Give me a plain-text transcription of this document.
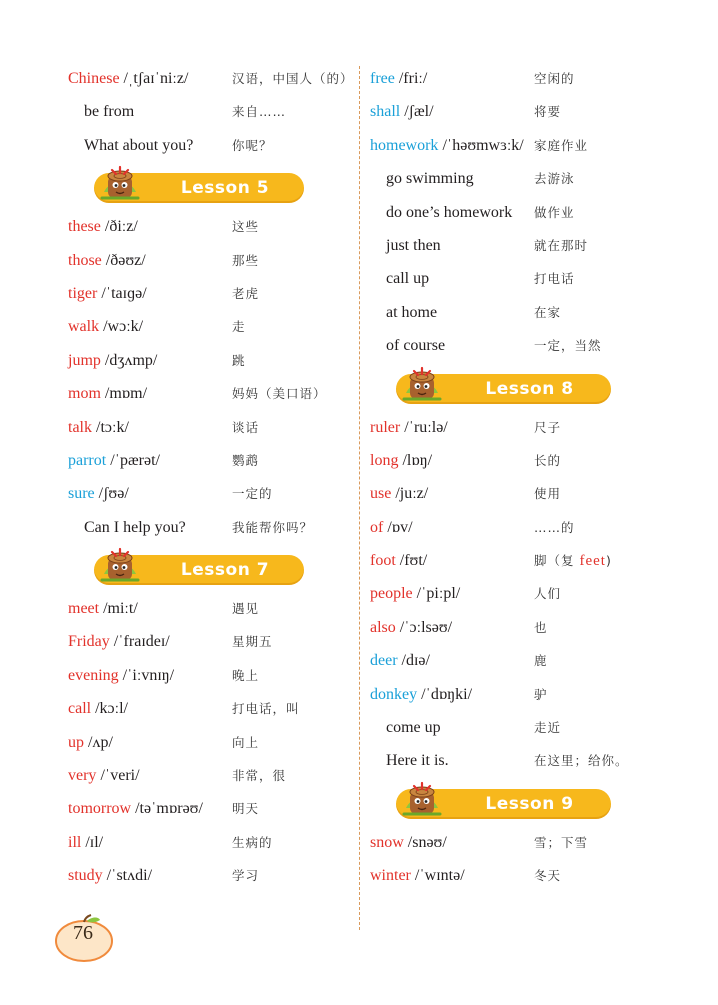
Chinese /ˌtʃaɪˈniːz/	汉语，中国人（的）
be from	来自……
What about you?	你呢？
Lesson 5
these /ðiːz/	这些
those /ðəʊz/	那些
tiger /ˈtaɪɡə/	老虎
walk /wɔːk/	走
jump /dʒʌmp/	跳
mom /mɒm/	妈妈（美口语）
talk /tɔːk/	谈话
parrot /ˈpærət/	鹦鹉
sure /ʃʊə/	一定的
Can I help you?	我能帮你吗？
Lesson 7
meet /miːt/	遇见
Friday /ˈfraɪdeɪ/	星期五
evening /ˈiːvnɪŋ/	晚上
call /kɔːl/	打电话，叫
up /ʌp/	向上
very /ˈveri/	非常，很
tomorrow /təˈmɒrəʊ/ 明天
ill /ɪl/	生病的
study /ˈstʌdi/	学习
free /friː/	空闲的
shall /ʃæl/	将要
homework /ˈhəʊmwɜːk/ 家庭作业
go swimming	去游泳
do one’s homework 做作业
just then	就在那时
call up	打电话
at home	在家
of course	一定，当然
Lesson 8
ruler /ˈruːlə/	尺子
long /lɒŋ/	长的
use /juːz/	使用
of /ɒv/	……的
foot /fʊt/	脚（复 feet)
people /ˈpiːpl/	人们
also /ˈɔːlsəʊ/	也
deer /dɪə/	鹿
donkey /ˈdɒŋki/	驴
come up	走近
Here it is.	在这里；给你。
Lesson 9
snow /snəʊ/	雪；下雪
winter /ˈwɪntə/	冬天
76
